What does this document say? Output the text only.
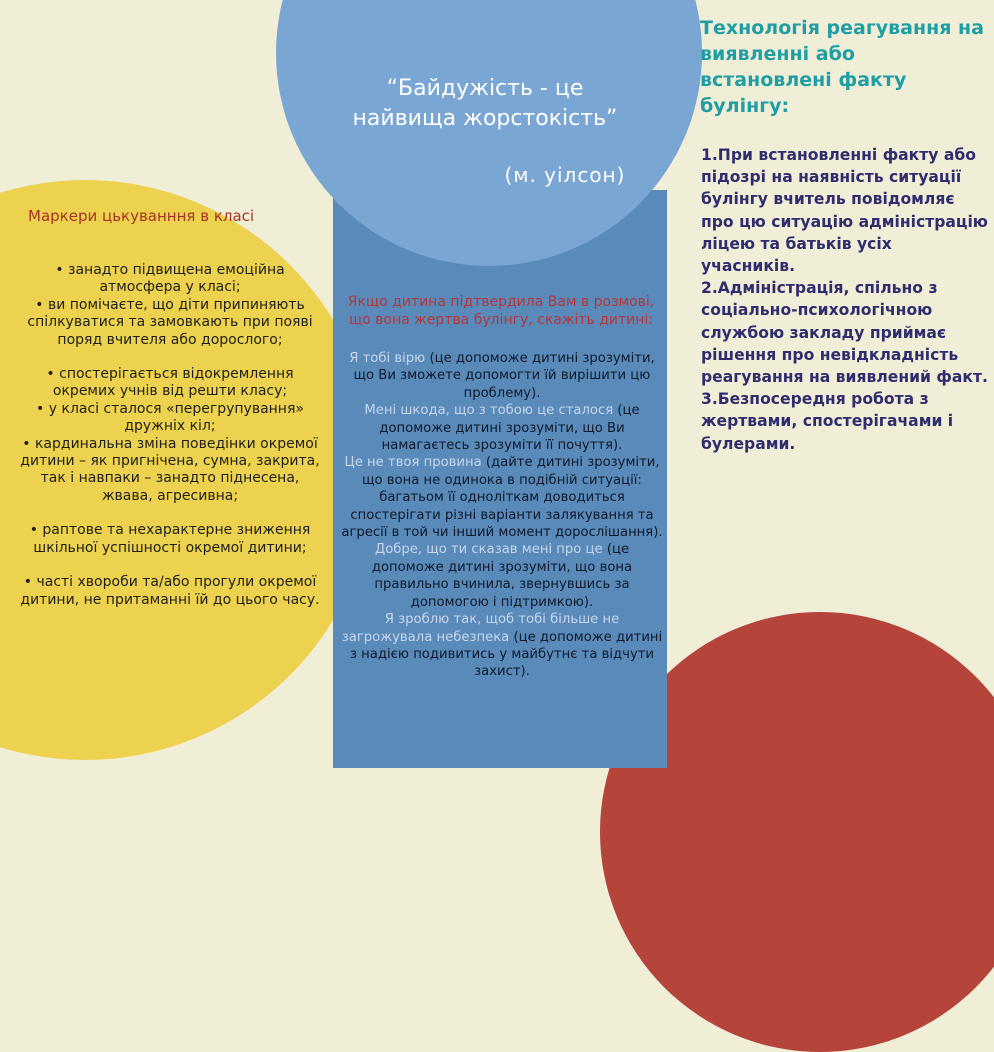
“Байдужість - це
найвища жорстокість”
(м. уілсон)
Маркери цькуванння в класі

• занадто підвищена емоційна атмосфера у класі;

• ви помічаєте, що діти припиняють спілкуватися та замовкають при появі поряд вчителя або дорослого;

• спостерігається відокремлення окремих учнів від решти класу;

• у класі сталося «перегрупування» дружніх кіл;

• кардинальна зміна поведінки окремої дитини – як пригнічена, сумна, закрита, так і навпаки – занадто піднесена, жвава, агресивна;

• раптове та нехарактерне зниження шкільної успішності окремої дитини;

• часті хвороби та/або прогули окремої дитини, не притаманні їй до цього часу.

Якщо дитина підтвердила Вам в розмові, що вона жертва булінгу, скажіть дитині:
Я тобі вірю (це допоможе дитині зрозуміти, що Ви зможете допомогти їй вирішити цю проблему).
Мені шкода, що з тобою це сталося (це допоможе дитині зрозуміти, що Ви намагаєтесь зрозуміти її почуття).
Це не твоя провина (дайте дитині зрозуміти, що вона не одинока в подібній ситуації: багатьом її одноліткам доводиться спостерігати різні варіанти залякування та агресії в той чи інший момент дорослішання).
Добре, що ти сказав мені про це (це допоможе дитині зрозуміти, що вона правильно вчинила, звернувшись за допомогою і підтримкою).
Я зроблю так, щоб тобі більше не загрожувала небезпека (це допоможе дитині з надією подивитись у майбутнє та відчути захист).
Технологія реагування на виявленні або встановлені факту булінгу:

1.При встановленні факту або підозрі на наявність ситуації булінгу вчитель повідомляє про цю ситуацію адміністрацію ліцею та батьків усіх учасників.

2.Адміністрація, спільно з соціально-психологічною службою закладу приймає рішення про невідкладність реагування на виявлений факт.

3.Безпосередня робота з жертвами, спостерігачами і булерами.
